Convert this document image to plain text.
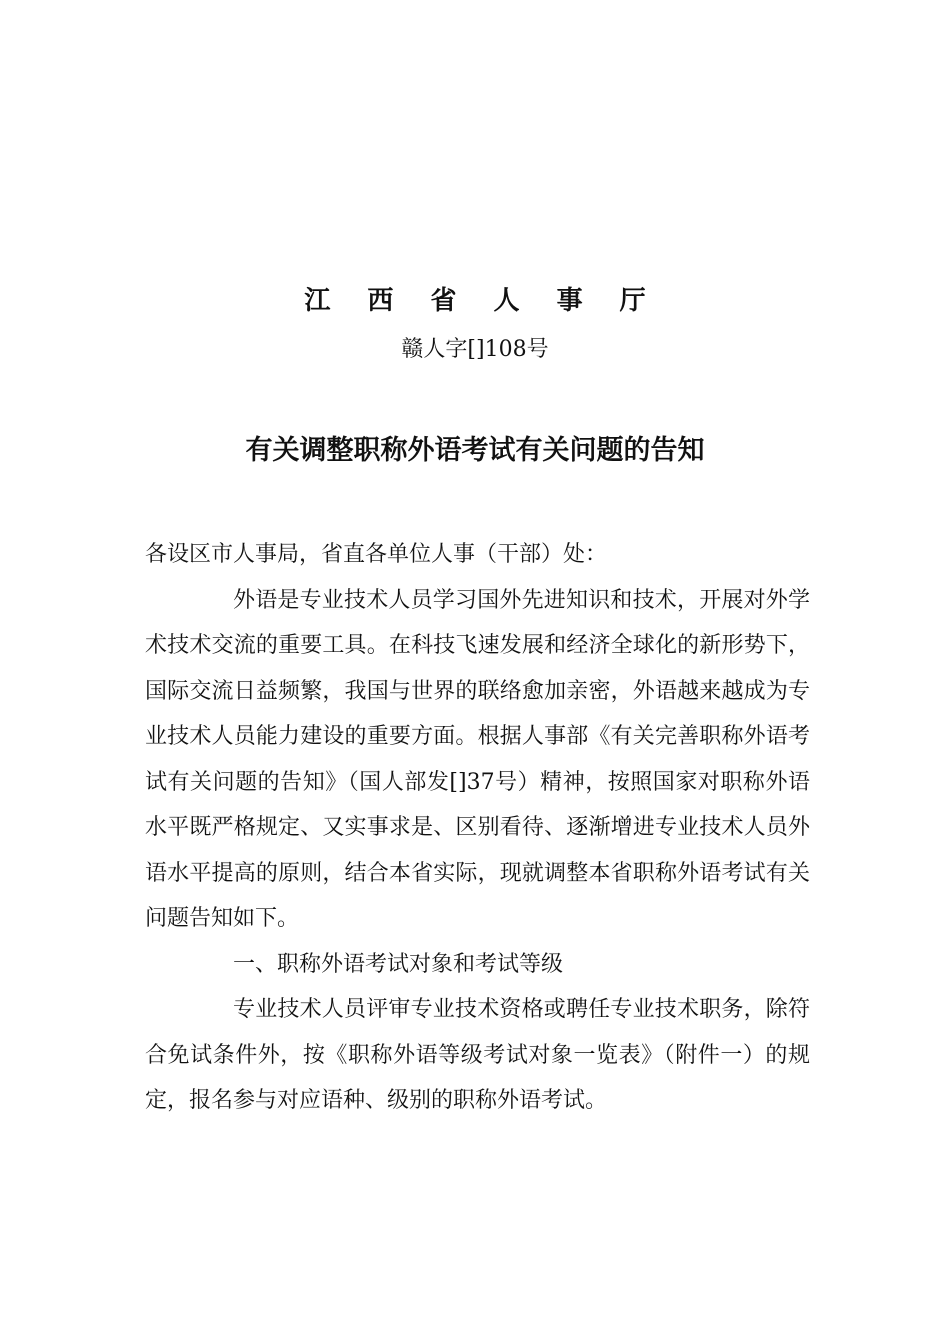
江 西 省 人 事 厅
赣人字[]108号
有关调整职称外语考试有关问题的告知

各设区市人事局，省直各单位人事（干部）处：

外语是专业技术人员学习国外先进知识和技术，开展对外学术技术交流的重要工具。在科技飞速发展和经济全球化的新形势下，国际交流日益频繁，我国与世界的联络愈加亲密，外语越来越成为专业技术人员能力建设的重要方面。根据人事部《有关完善职称外语考试有关问题的告知》（国人部发[]37号）精神，按照国家对职称外语水平既严格规定、又实事求是、区别看待、逐渐增进专业技术人员外语水平提高的原则，结合本省实际，现就调整本省职称外语考试有关问题告知如下。

一、职称外语考试对象和考试等级

专业技术人员评审专业技术资格或聘任专业技术职务，除符合免试条件外，按《职称外语等级考试对象一览表》（附件一）的规定，报名参与对应语种、级别的职称外语考试。
